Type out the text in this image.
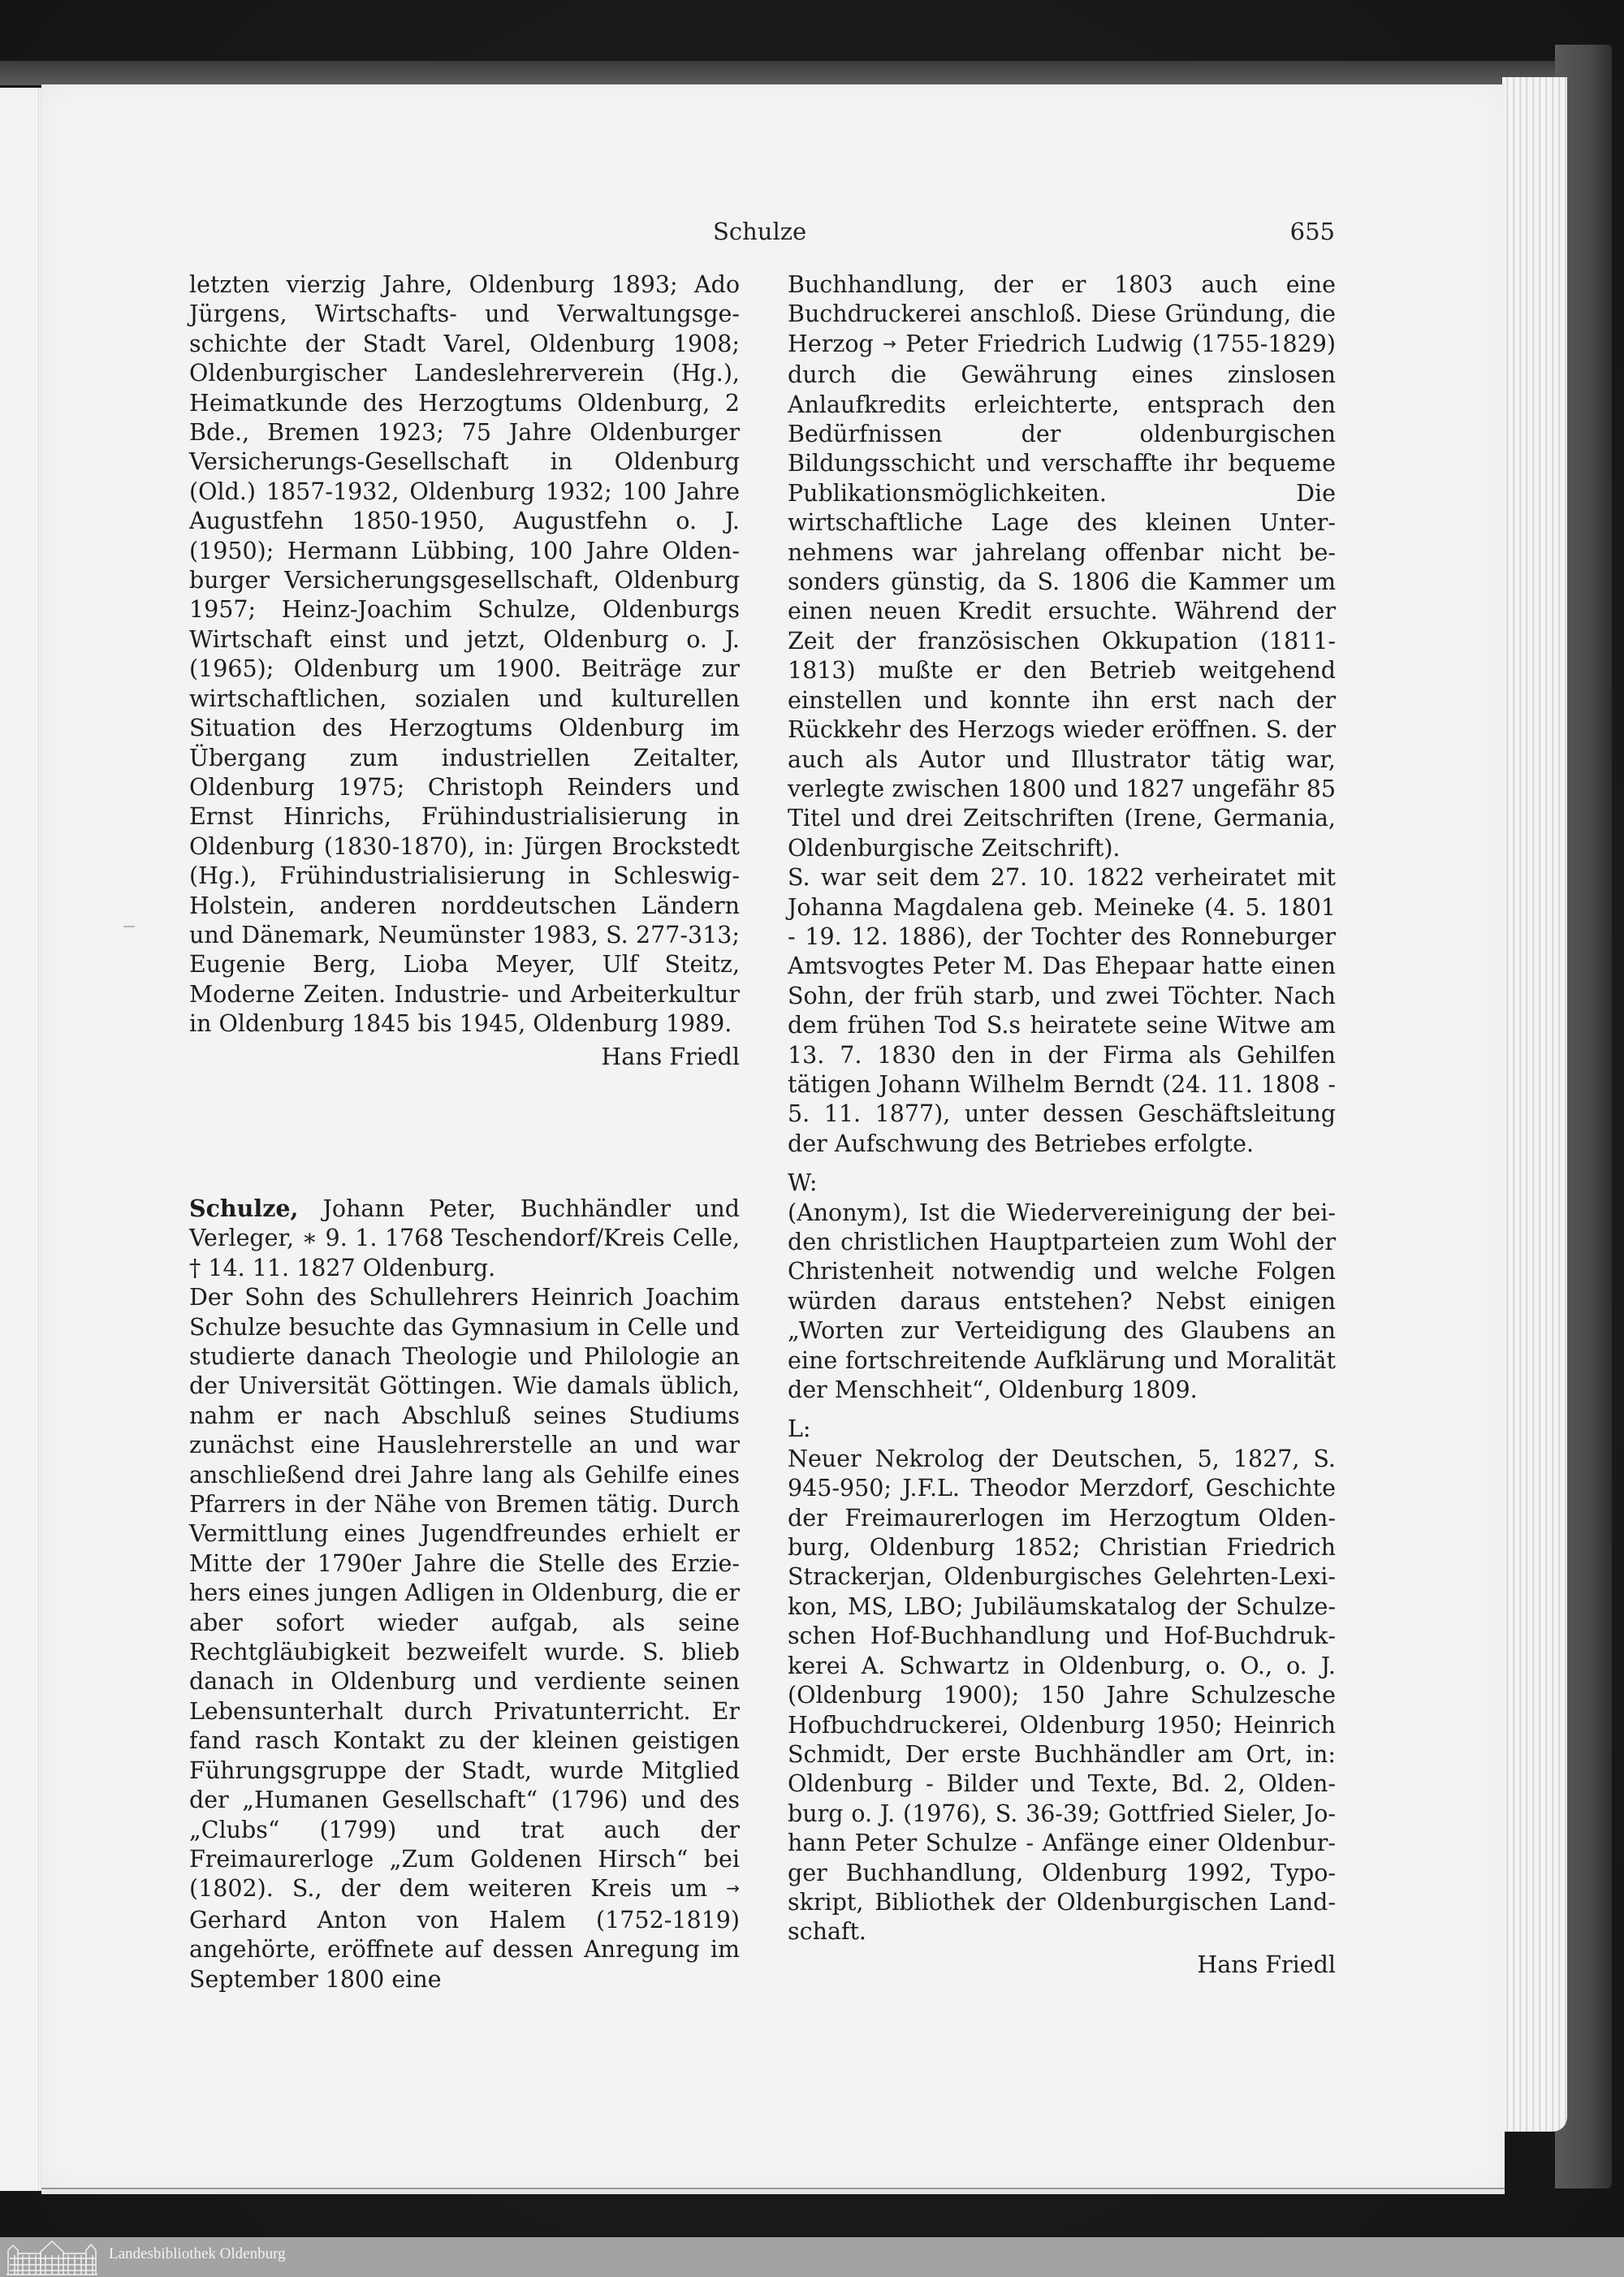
Schulze	655

letzten vierzig Jahre, Oldenburg 1893; Ado Jürgens, Wirtschafts- und Verwaltungsgeschichte der Stadt Varel, Oldenburg 1908; Oldenburgischer Landeslehrerverein (Hg.), Heimatkunde des Herzogtums Oldenburg, 2 Bde., Bremen 1923; 75 Jahre Oldenburger Versicherungs-Gesellschaft in Oldenburg (Old.) 1857-1932, Oldenburg 1932; 100 Jahre Augustfehn 1850-1950, Augustfehn o. J. (1950); Hermann Lübbing, 100 Jahre Oldenburger Versicherungsgesellschaft, Oldenburg 1957; Heinz-Joachim Schulze, Oldenburgs Wirtschaft einst und jetzt, Oldenburg o. J. (1965); Oldenburg um 1900. Beiträge zur wirtschaftlichen, sozialen und kulturellen Situation des Herzogtums Oldenburg im Übergang zum industriellen Zeitalter, Oldenburg 1975; Christoph Reinders und Ernst Hinrichs, Frühindustrialisierung in Oldenburg (1830-1870), in: Jürgen Brockstedt (Hg.), Frühindustrialisierung in Schleswig-Holstein, anderen norddeutschen Ländern und Dänemark, Neumünster 1983, S. 277-313; Eugenie Berg, Lioba Meyer, Ulf Steitz, Moderne Zeiten. Industrie- und Arbeiterkultur in Oldenburg 1845 bis 1945, Oldenburg 1989.

Hans Friedl

Schulze, Johann Peter, Buchhändler und Verleger, ∗ 9. 1. 1768 Teschendorf/Kreis Celle, † 14. 11. 1827 Oldenburg.

Der Sohn des Schullehrers Heinrich Joachim Schulze besuchte das Gymnasium in Celle und studierte danach Theologie und Philologie an der Universität Göttingen. Wie damals üblich, nahm er nach Abschluß seines Studiums zunächst eine Hauslehrerstelle an und war anschließend drei Jahre lang als Gehilfe eines Pfarrers in der Nähe von Bremen tätig. Durch Vermittlung eines Jugendfreundes erhielt er Mitte der 1790er Jahre die Stelle des Erziehers eines jungen Adligen in Oldenburg, die er aber sofort wieder aufgab, als seine Rechtgläubigkeit bezweifelt wurde. S. blieb danach in Oldenburg und verdiente seinen Lebensunterhalt durch Privatunterricht. Er fand rasch Kontakt zu der kleinen geistigen Führungsgruppe der Stadt, wurde Mitglied der „Humanen Gesellschaft“ (1796) und des „Clubs“ (1799) und trat auch der Freimaurerloge „Zum Goldenen Hirsch“ bei (1802). S., der dem weiteren Kreis um → Gerhard Anton von Halem (1752-1819) angehörte, eröffnete auf dessen Anregung im September 1800 eine

Buchhandlung, der er 1803 auch eine Buchdruckerei anschloß. Diese Gründung, die Herzog → Peter Friedrich Ludwig (1755-1829) durch die Gewährung eines zinslosen Anlaufkredits erleichterte, entsprach den Bedürfnissen der oldenburgischen Bildungsschicht und verschaffte ihr bequeme Publikationsmöglichkeiten. Die wirtschaftliche Lage des kleinen Unternehmens war jahrelang offenbar nicht besonders günstig, da S. 1806 die Kammer um einen neuen Kredit ersuchte. Während der Zeit der französischen Okkupation (1811-1813) mußte er den Betrieb weitgehend einstellen und konnte ihn erst nach der Rückkehr des Herzogs wieder eröffnen. S. der auch als Autor und Illustrator tätig war, verlegte zwischen 1800 und 1827 ungefähr 85 Titel und drei Zeitschriften (Irene, Germania, Oldenburgische Zeitschrift).

S. war seit dem 27. 10. 1822 verheiratet mit Johanna Magdalena geb. Meineke (4. 5. 1801 - 19. 12. 1886), der Tochter des Ronneburger Amtsvogtes Peter M. Das Ehepaar hatte einen Sohn, der früh starb, und zwei Töchter. Nach dem frühen Tod S.s heiratete seine Witwe am 13. 7. 1830 den in der Firma als Gehilfen tätigen Johann Wilhelm Berndt (24. 11. 1808 - 5. 11. 1877), unter dessen Geschäftsleitung der Aufschwung des Betriebes erfolgte.

W:

(Anonym), Ist die Wiedervereinigung der beiden christlichen Hauptparteien zum Wohl der Christenheit notwendig und welche Folgen würden daraus entstehen? Nebst einigen „Worten zur Verteidigung des Glaubens an eine fortschreitende Aufklärung und Moralität der Menschheit“, Oldenburg 1809.

L:

Neuer Nekrolog der Deutschen, 5, 1827, S. 945-950; J.F.L. Theodor Merzdorf, Geschichte der Freimaurerlogen im Herzogtum Oldenburg, Oldenburg 1852; Christian Friedrich Strackerjan, Oldenburgisches Gelehrten-Lexikon, MS, LBO; Jubiläumskatalog der Schulzeschen Hof-Buchhandlung und Hof-Buchdrukkerei A. Schwartz in Oldenburg, o. O., o. J. (Oldenburg 1900); 150 Jahre Schulzesche Hofbuchdruckerei, Oldenburg 1950; Heinrich Schmidt, Der erste Buchhändler am Ort, in: Oldenburg - Bilder und Texte, Bd. 2, Oldenburg o. J. (1976), S. 36-39; Gottfried Sieler, Johann Peter Schulze - Anfänge einer Oldenburger Buchhandlung, Oldenburg 1992, Typoskript, Bibliothek der Oldenburgischen Landschaft.

Hans Friedl

Landesbibliothek Oldenburg
